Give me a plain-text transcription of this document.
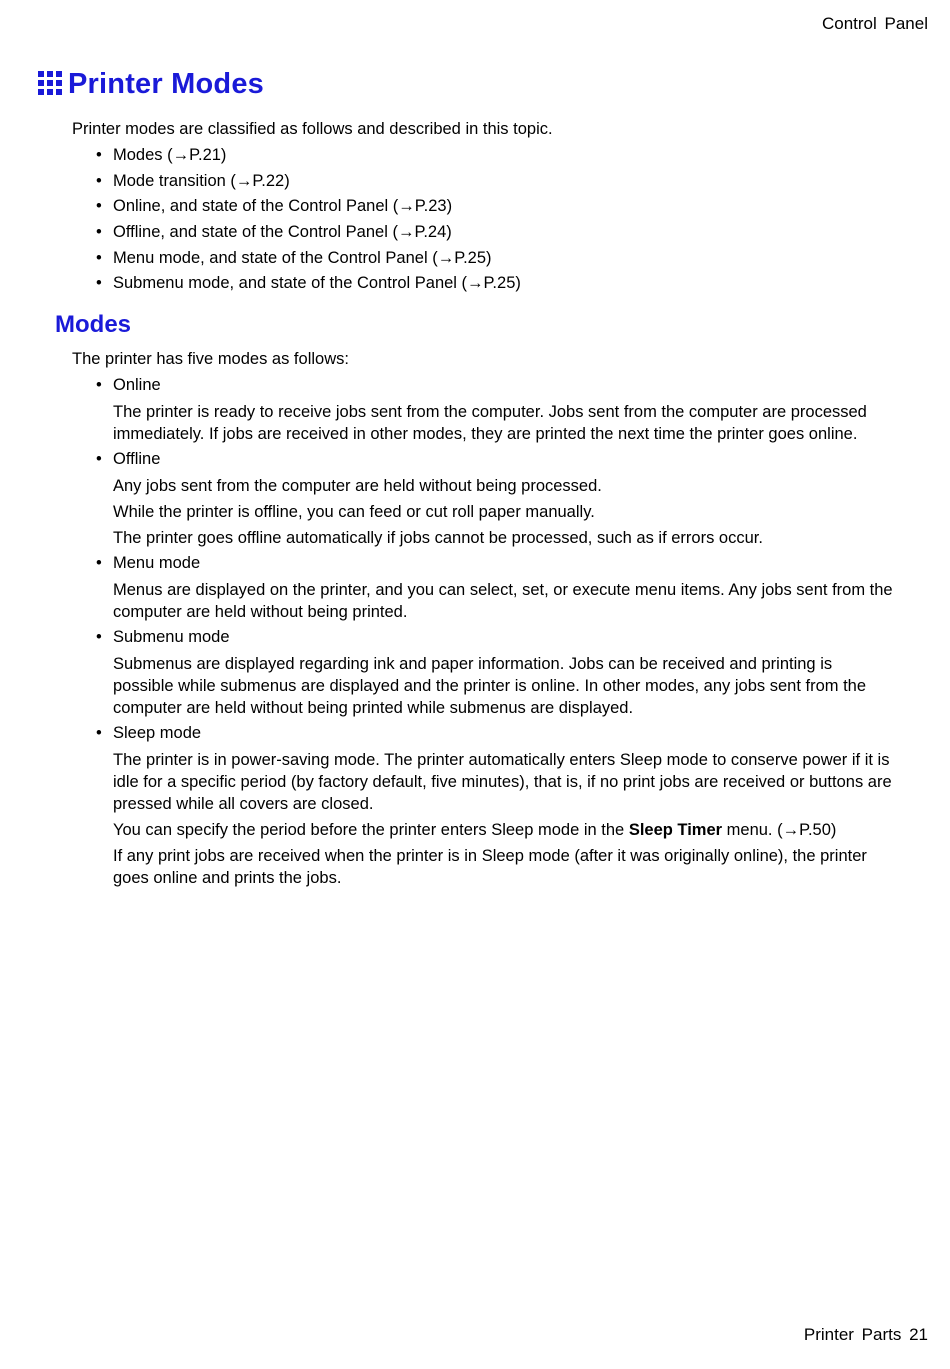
Control Panel
Printer Modes
Printer modes are classified as follows and described in this topic.
• Modes (→P.21)
• Mode transition (→P.22)
• Online, and state of the Control Panel (→P.23)
• Offline, and state of the Control Panel (→P.24)
• Menu mode, and state of the Control Panel (→P.25)
• Submenu mode, and state of the Control Panel (→P.25)
Modes
The printer has five modes as follows:
• Online

The printer is ready to receive jobs sent from the computer. Jobs sent from the computer are processed immediately. If jobs are received in other modes, they are printed the next time the printer goes online.

• Offline

Any jobs sent from the computer are held without being processed.

While the printer is offline, you can feed or cut roll paper manually.

The printer goes offline automatically if jobs cannot be processed, such as if errors occur.

• Menu mode

Menus are displayed on the printer, and you can select, set, or execute menu items. Any jobs sent from the computer are held without being printed.

• Submenu mode

Submenus are displayed regarding ink and paper information. Jobs can be received and printing is possible while submenus are displayed and the printer is online. In other modes, any jobs sent from the computer are held without being printed while submenus are displayed.

• Sleep mode

The printer is in power-saving mode. The printer automatically enters Sleep mode to conserve power if it is idle for a specific period (by factory default, five minutes), that is, if no print jobs are received or buttons are pressed while all covers are closed.

You can specify the period before the printer enters Sleep mode in the Sleep Timer menu. (→P.50)

If any print jobs are received when the printer is in Sleep mode (after it was originally online), the printer goes online and prints the jobs.

Printer Parts 21
